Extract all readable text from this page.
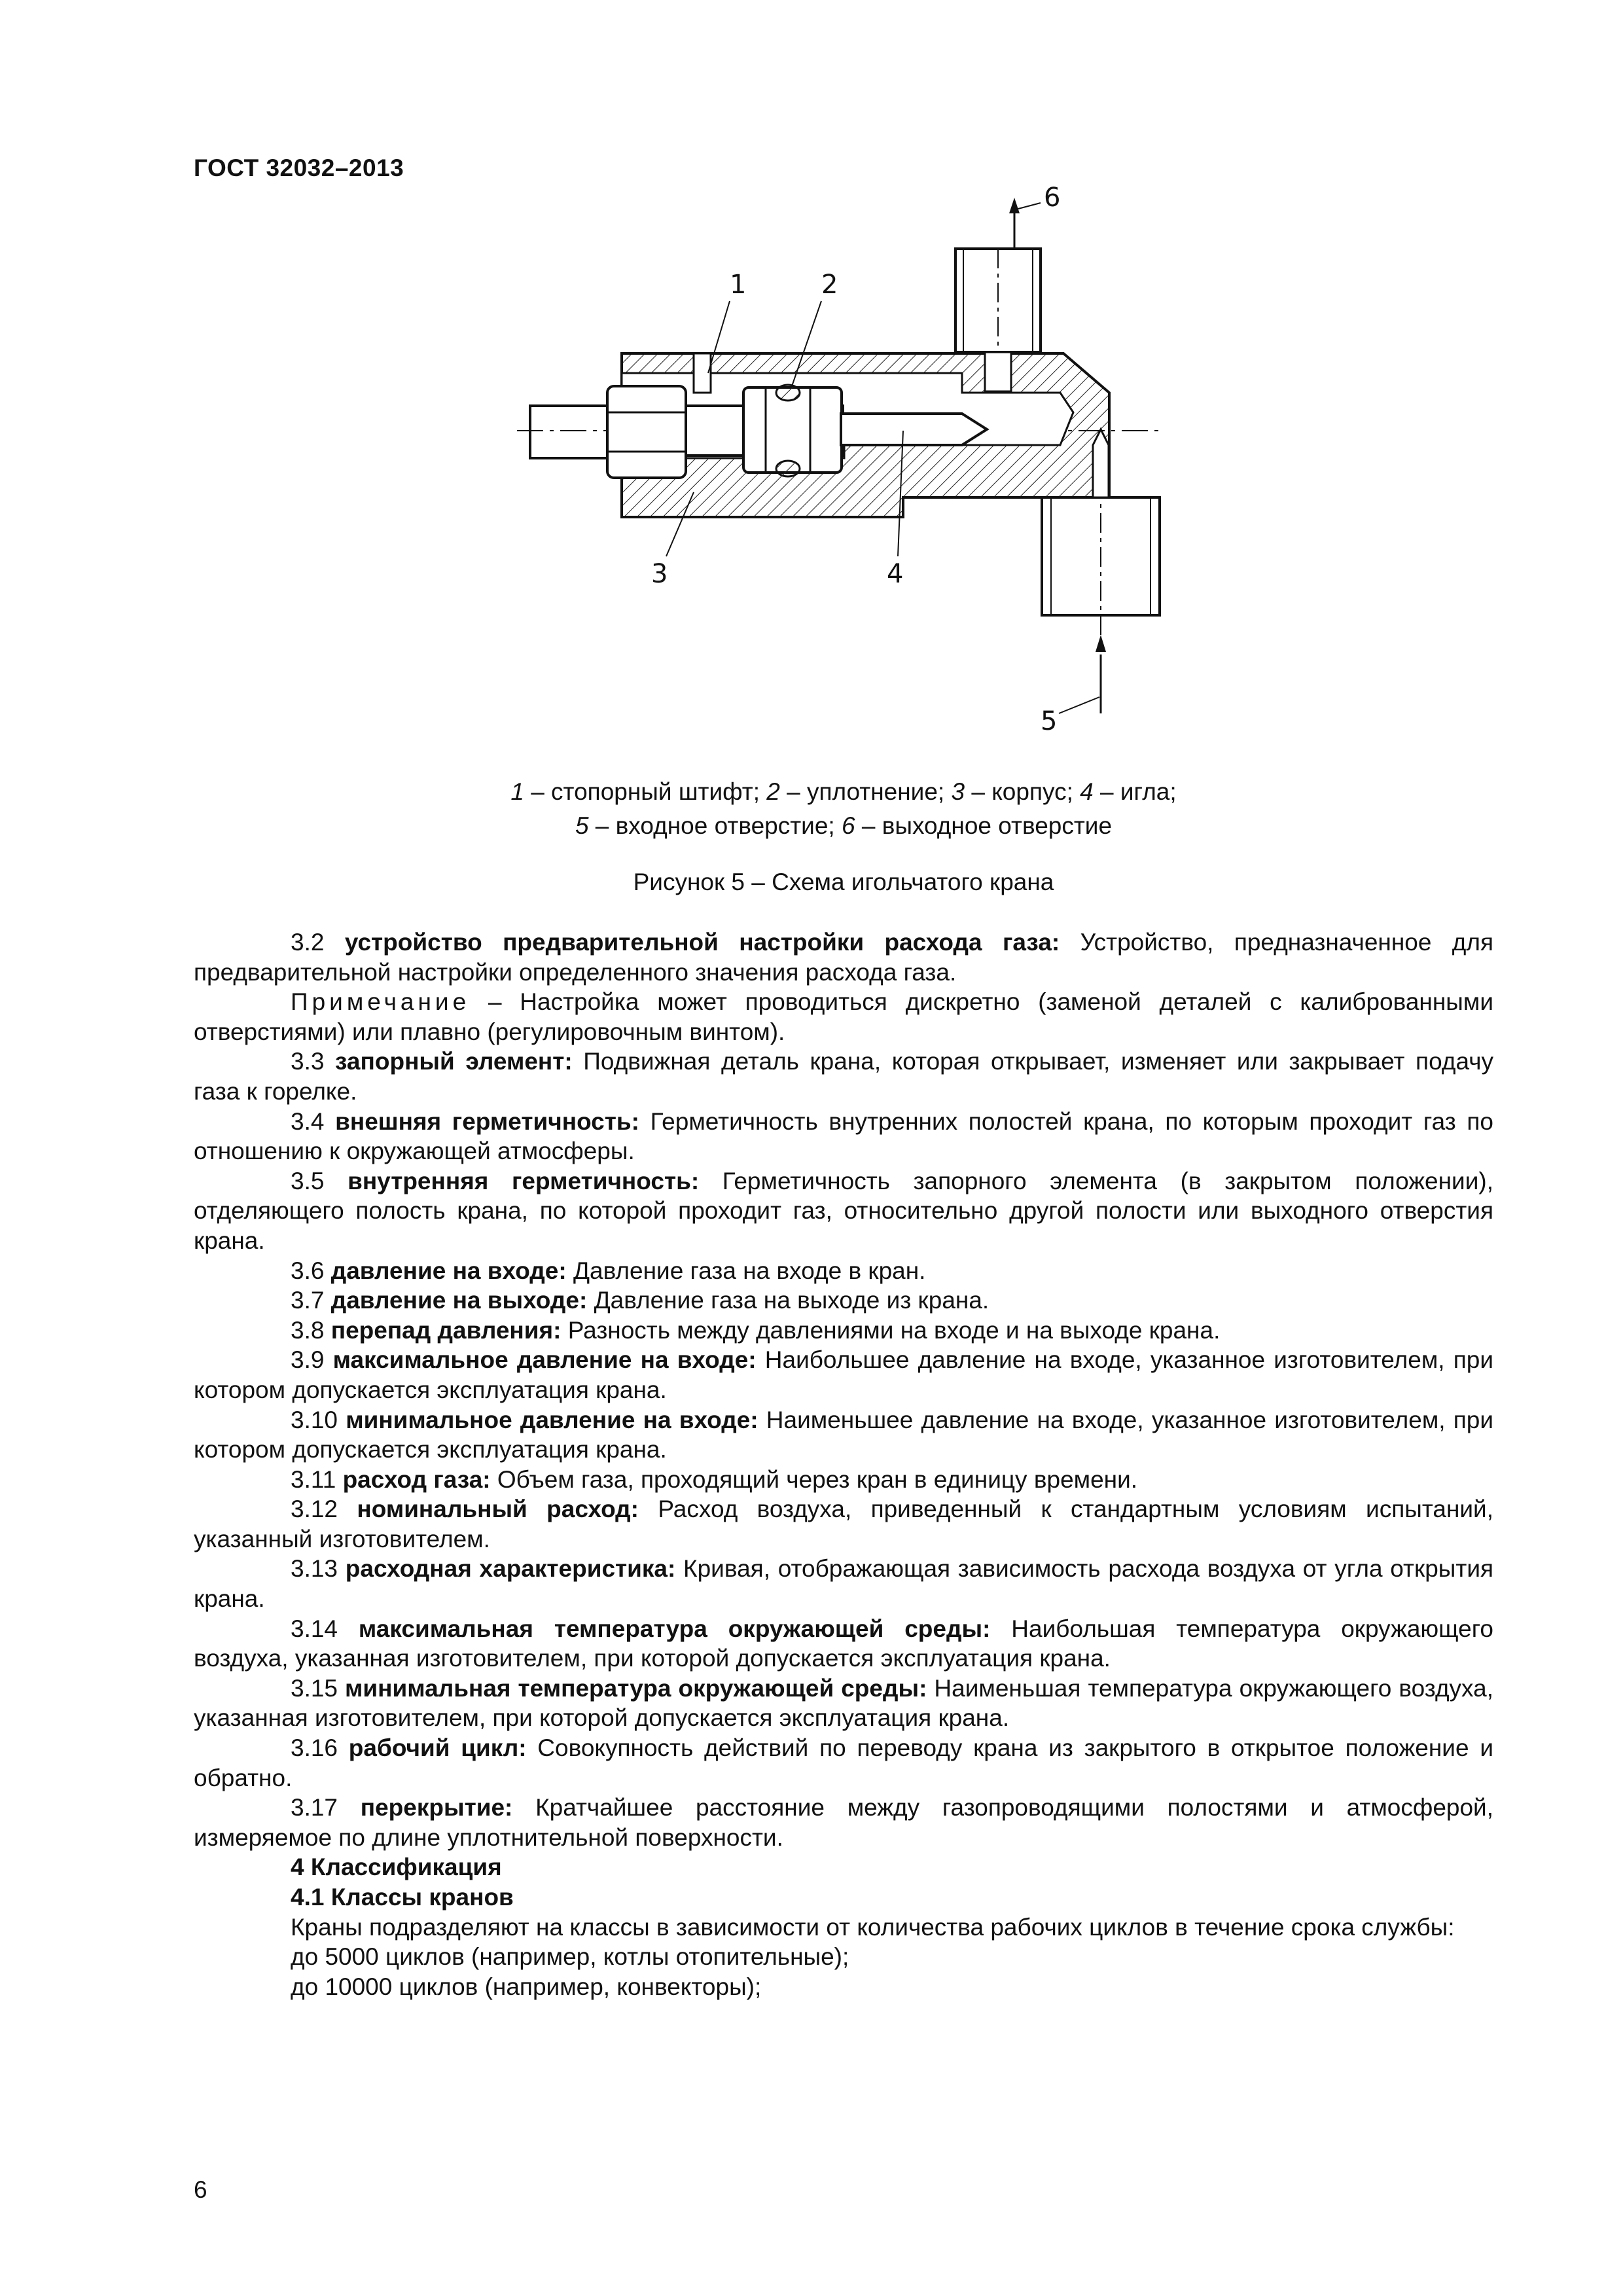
ГОСТ 32032–2013
1	2
3	4
5
6
1 – стопорный штифт; 2 – уплотнение; 3 – корпус; 4 – игла;
5 – входное отверстие; 6 – выходное отверстие
Рисунок 5 – Схема игольчатого крана

3.2 устройство предварительной настройки расхода газа: Устройство, предназначенное для предварительной настройки определенного значения расхода газа.

Примечание – Настройка может проводиться дискретно (заменой деталей с калиброванными отверстиями) или плавно (регулировочным винтом).

3.3 запорный элемент: Подвижная деталь крана, которая открывает, изменяет или закрывает подачу газа к горелке.

3.4 внешняя герметичность: Герметичность внутренних полостей крана, по которым проходит газ по отношению к окружающей атмосферы.

3.5 внутренняя герметичность: Герметичность запорного элемента (в закрытом положении), отделяющего полость крана, по которой проходит газ, относительно другой полости или выходного отверстия крана.

3.6 давление на входе: Давление газа на входе в кран.

3.7 давление на выходе: Давление газа на выходе из крана.

3.8 перепад давления: Разность между давлениями на входе и на выходе крана.

3.9 максимальное давление на входе: Наибольшее давление на входе, указанное изготовителем, при котором допускается эксплуатация крана.

3.10 минимальное давление на входе: Наименьшее давление на входе, указанное изготовителем, при котором допускается эксплуатация крана.

3.11 расход газа: Объем газа, проходящий через кран в единицу времени.

3.12 номинальный расход: Расход воздуха, приведенный к стандартным условиям испытаний, указанный изготовителем.

3.13 расходная характеристика: Кривая, отображающая зависимость расхода воздуха от угла открытия крана.

3.14 максимальная температура окружающей среды: Наибольшая температура окружающего воздуха, указанная изготовителем, при которой допускается эксплуатация крана.

3.15 минимальная температура окружающей среды: Наименьшая температура окружающего воздуха, указанная изготовителем, при которой допускается эксплуатация крана.

3.16 рабочий цикл: Совокупность действий по переводу крана из закрытого в открытое положение и обратно.

3.17 перекрытие: Кратчайшее расстояние между газопроводящими полостями и атмосферой, измеряемое по длине уплотнительной поверхности.

4 Классификация

4.1 Классы кранов

Краны подразделяют на классы в зависимости от количества рабочих циклов в течение срока службы:

до 5000 циклов (например, котлы отопительные);

до 10000 циклов (например, конвекторы);

6
